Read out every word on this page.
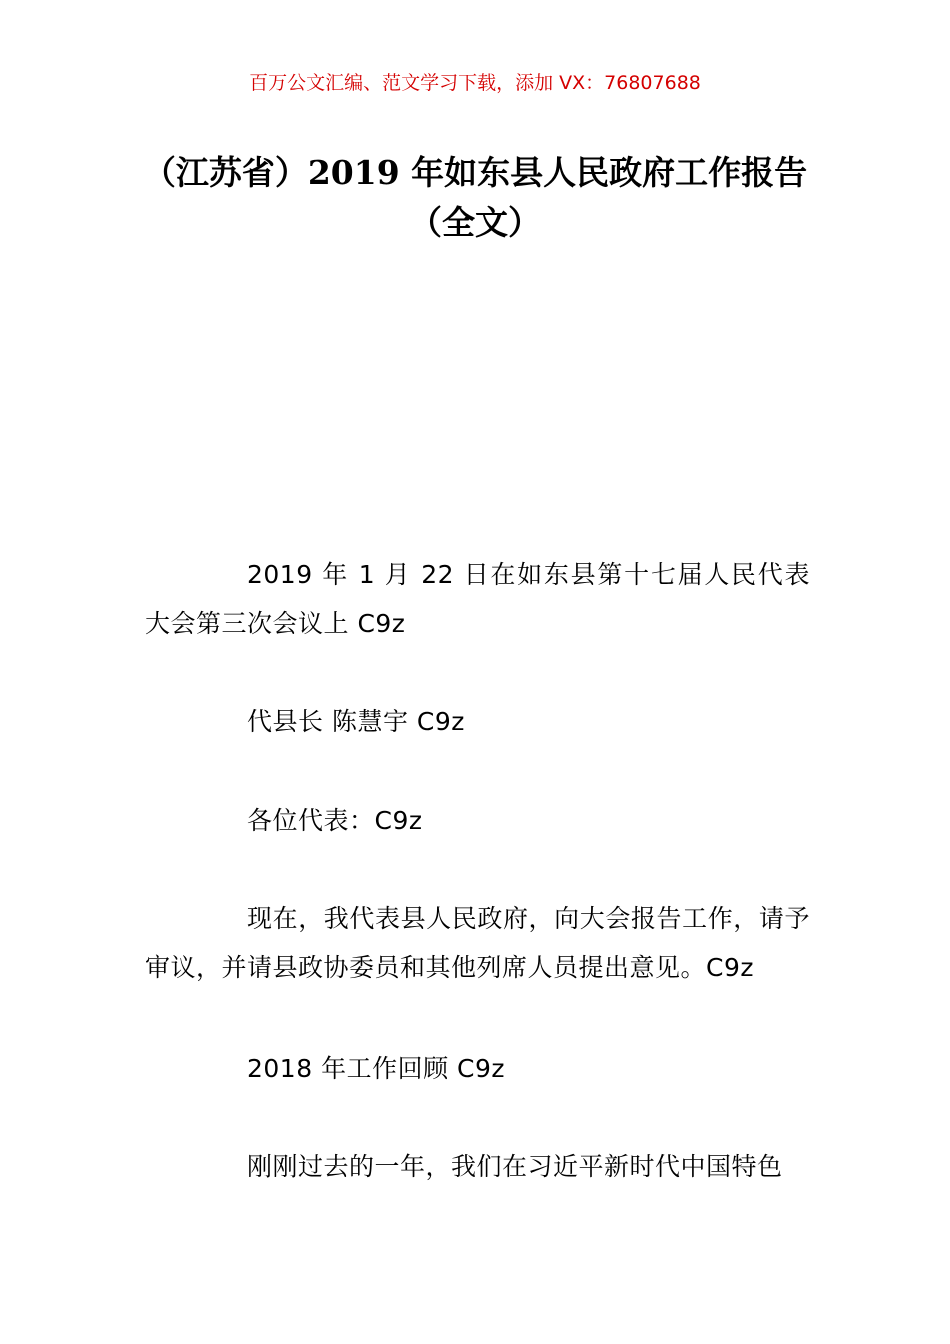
百万公文汇编、范文学习下载，添加 VX：76807688
（江苏省）2019 年如东县人民政府工作报告（全文）

2019 年 1 月 22 日在如东县第十七届人民代表大会第三次会议上 C9z

代县长 陈慧宇 C9z

各位代表：C9z

现在，我代表县人民政府，向大会报告工作，请予审议，并请县政协委员和其他列席人员提出意见。C9z

2018 年工作回顾 C9z

刚刚过去的一年，我们在习近平新时代中国特色
